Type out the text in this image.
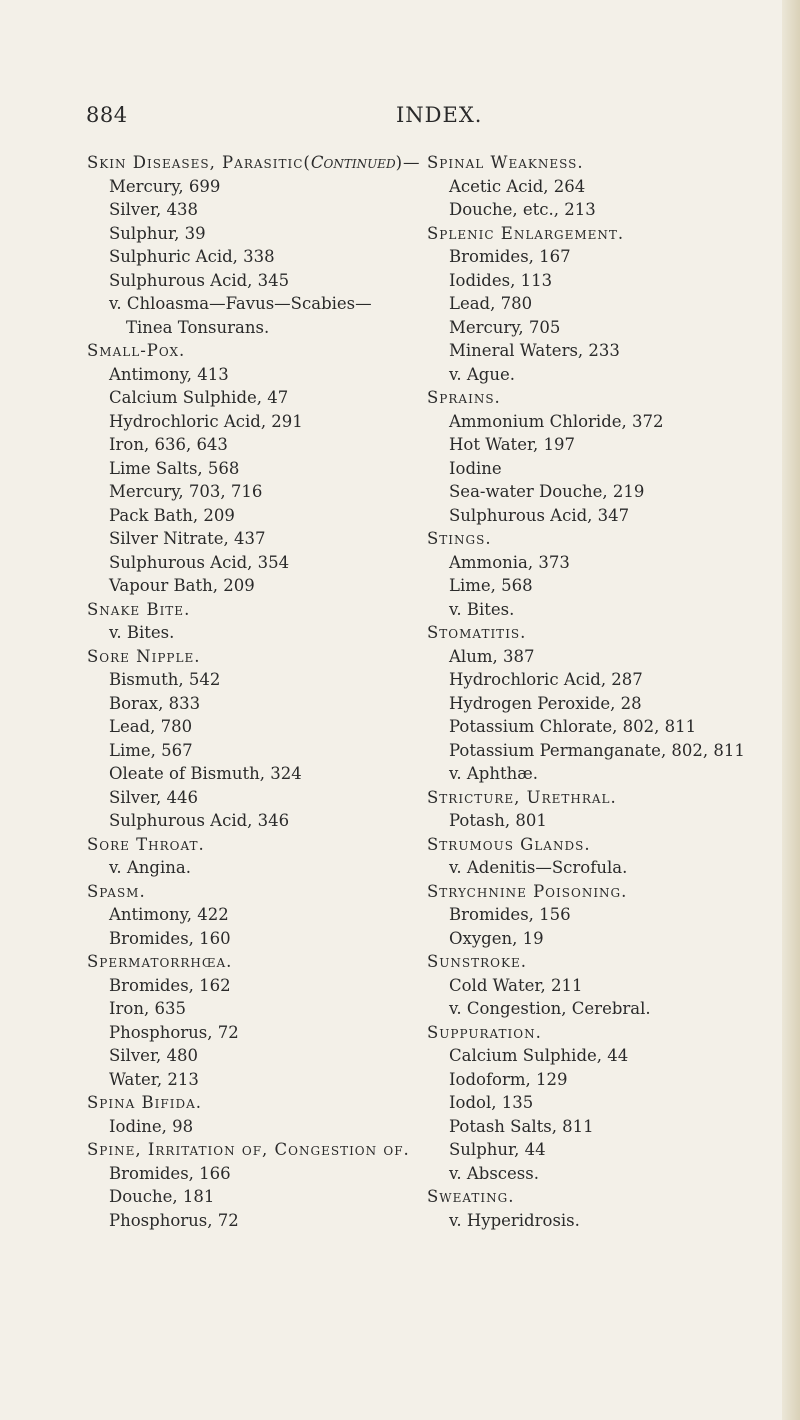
884	INDEX.
Skin Diseases, Parasitic(Continued)—
Mercury, 699
Silver, 438
Sulphur, 39
Sulphuric Acid, 338
Sulphurous Acid, 345
v. Chloasma—Favus—Scabies—
Tinea Tonsurans.
Small-Pox.
Antimony, 413
Calcium Sulphide, 47
Hydrochloric Acid, 291
Iron, 636, 643
Lime Salts, 568
Mercury, 703, 716
Pack Bath, 209
Silver Nitrate, 437
Sulphurous Acid, 354
Vapour Bath, 209
Snake Bite.
v. Bites.
Sore Nipple.
Bismuth, 542
Borax, 833
Lead, 780
Lime, 567
Oleate of Bismuth, 324
Silver, 446
Sulphurous Acid, 346
Sore Throat.
v. Angina.
Spasm.
Antimony, 422
Bromides, 160
Spermatorrhœa.
Bromides, 162
Iron, 635
Phosphorus, 72
Silver, 480
Water, 213
Spina Bifida.
Iodine, 98
Spine, Irritation of, Congestion of.
Bromides, 166
Douche, 181
Phosphorus, 72
Spinal Weakness.
Acetic Acid, 264
Douche, etc., 213
Splenic Enlargement.
Bromides, 167
Iodides, 113
Lead, 780
Mercury, 705
Mineral Waters, 233
v. Ague.
Sprains.
Ammonium Chloride, 372
Hot Water, 197
Iodine
Sea-water Douche, 219
Sulphurous Acid, 347
Stings.
Ammonia, 373
Lime, 568
v. Bites.
Stomatitis.
Alum, 387
Hydrochloric Acid, 287
Hydrogen Peroxide, 28
Potassium Chlorate, 802, 811
Potassium Permanganate, 802, 811
v. Aphthæ.
Stricture, Urethral.
Potash, 801
Strumous Glands.
v. Adenitis—Scrofula.
Strychnine Poisoning.
Bromides, 156
Oxygen, 19
Sunstroke.
Cold Water, 211
v. Congestion, Cerebral.
Suppuration.
Calcium Sulphide, 44
Iodoform, 129
Iodol, 135
Potash Salts, 811
Sulphur, 44
v. Abscess.
Sweating.
v. Hyperidrosis.
